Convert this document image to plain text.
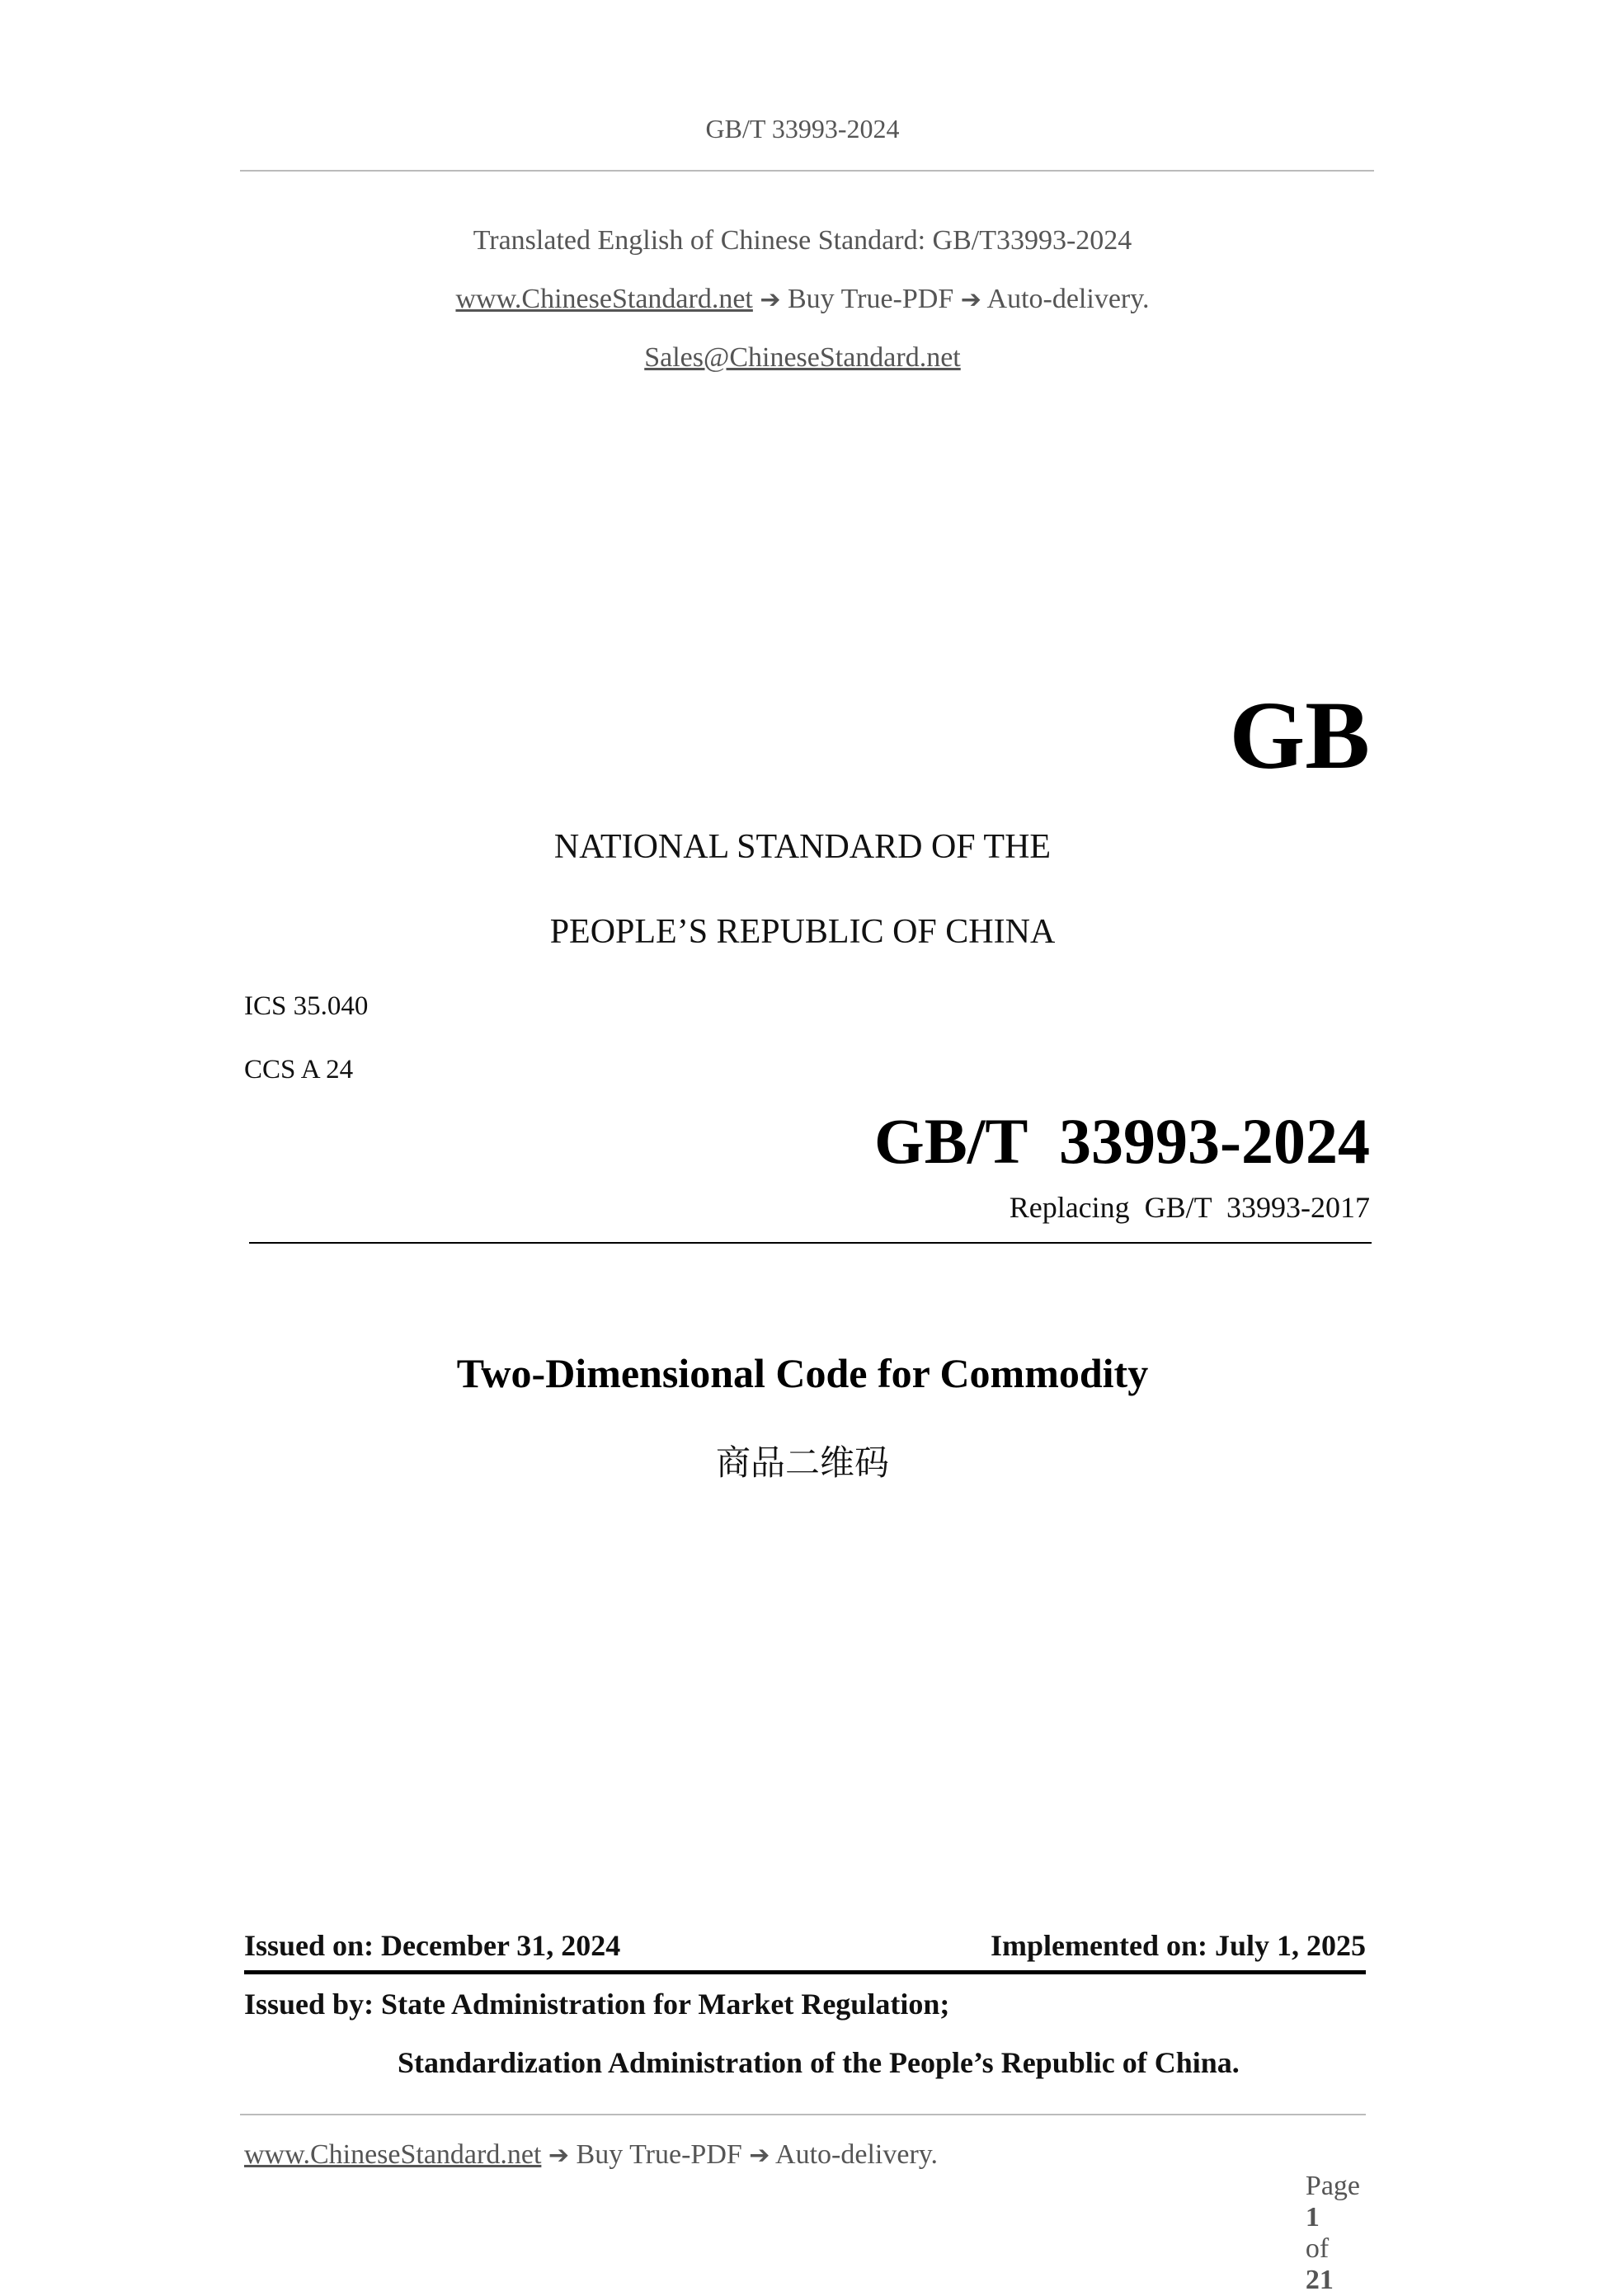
GB/T 33993-2024
Translated English of Chinese Standard: GB/T33993-2024
www.ChineseStandard.net ➔ Buy True-PDF ➔ Auto-delivery.
Sales@ChineseStandard.net
GB
NATIONAL STANDARD OF THE
PEOPLE’S REPUBLIC OF CHINA
ICS 35.040
CCS A 24
GB/T  33993-2024
Replacing  GB/T  33993-2017
Two-Dimensional Code for Commodity
商品二维码
Issued on: December 31, 2024	Implemented on: July 1, 2025
Issued by: State Administration for Market Regulation;
Standardization Administration of the People’s Republic of China.
www.ChineseStandard.net ➔ Buy True-PDF ➔ Auto-delivery.

Page
1
of
21
